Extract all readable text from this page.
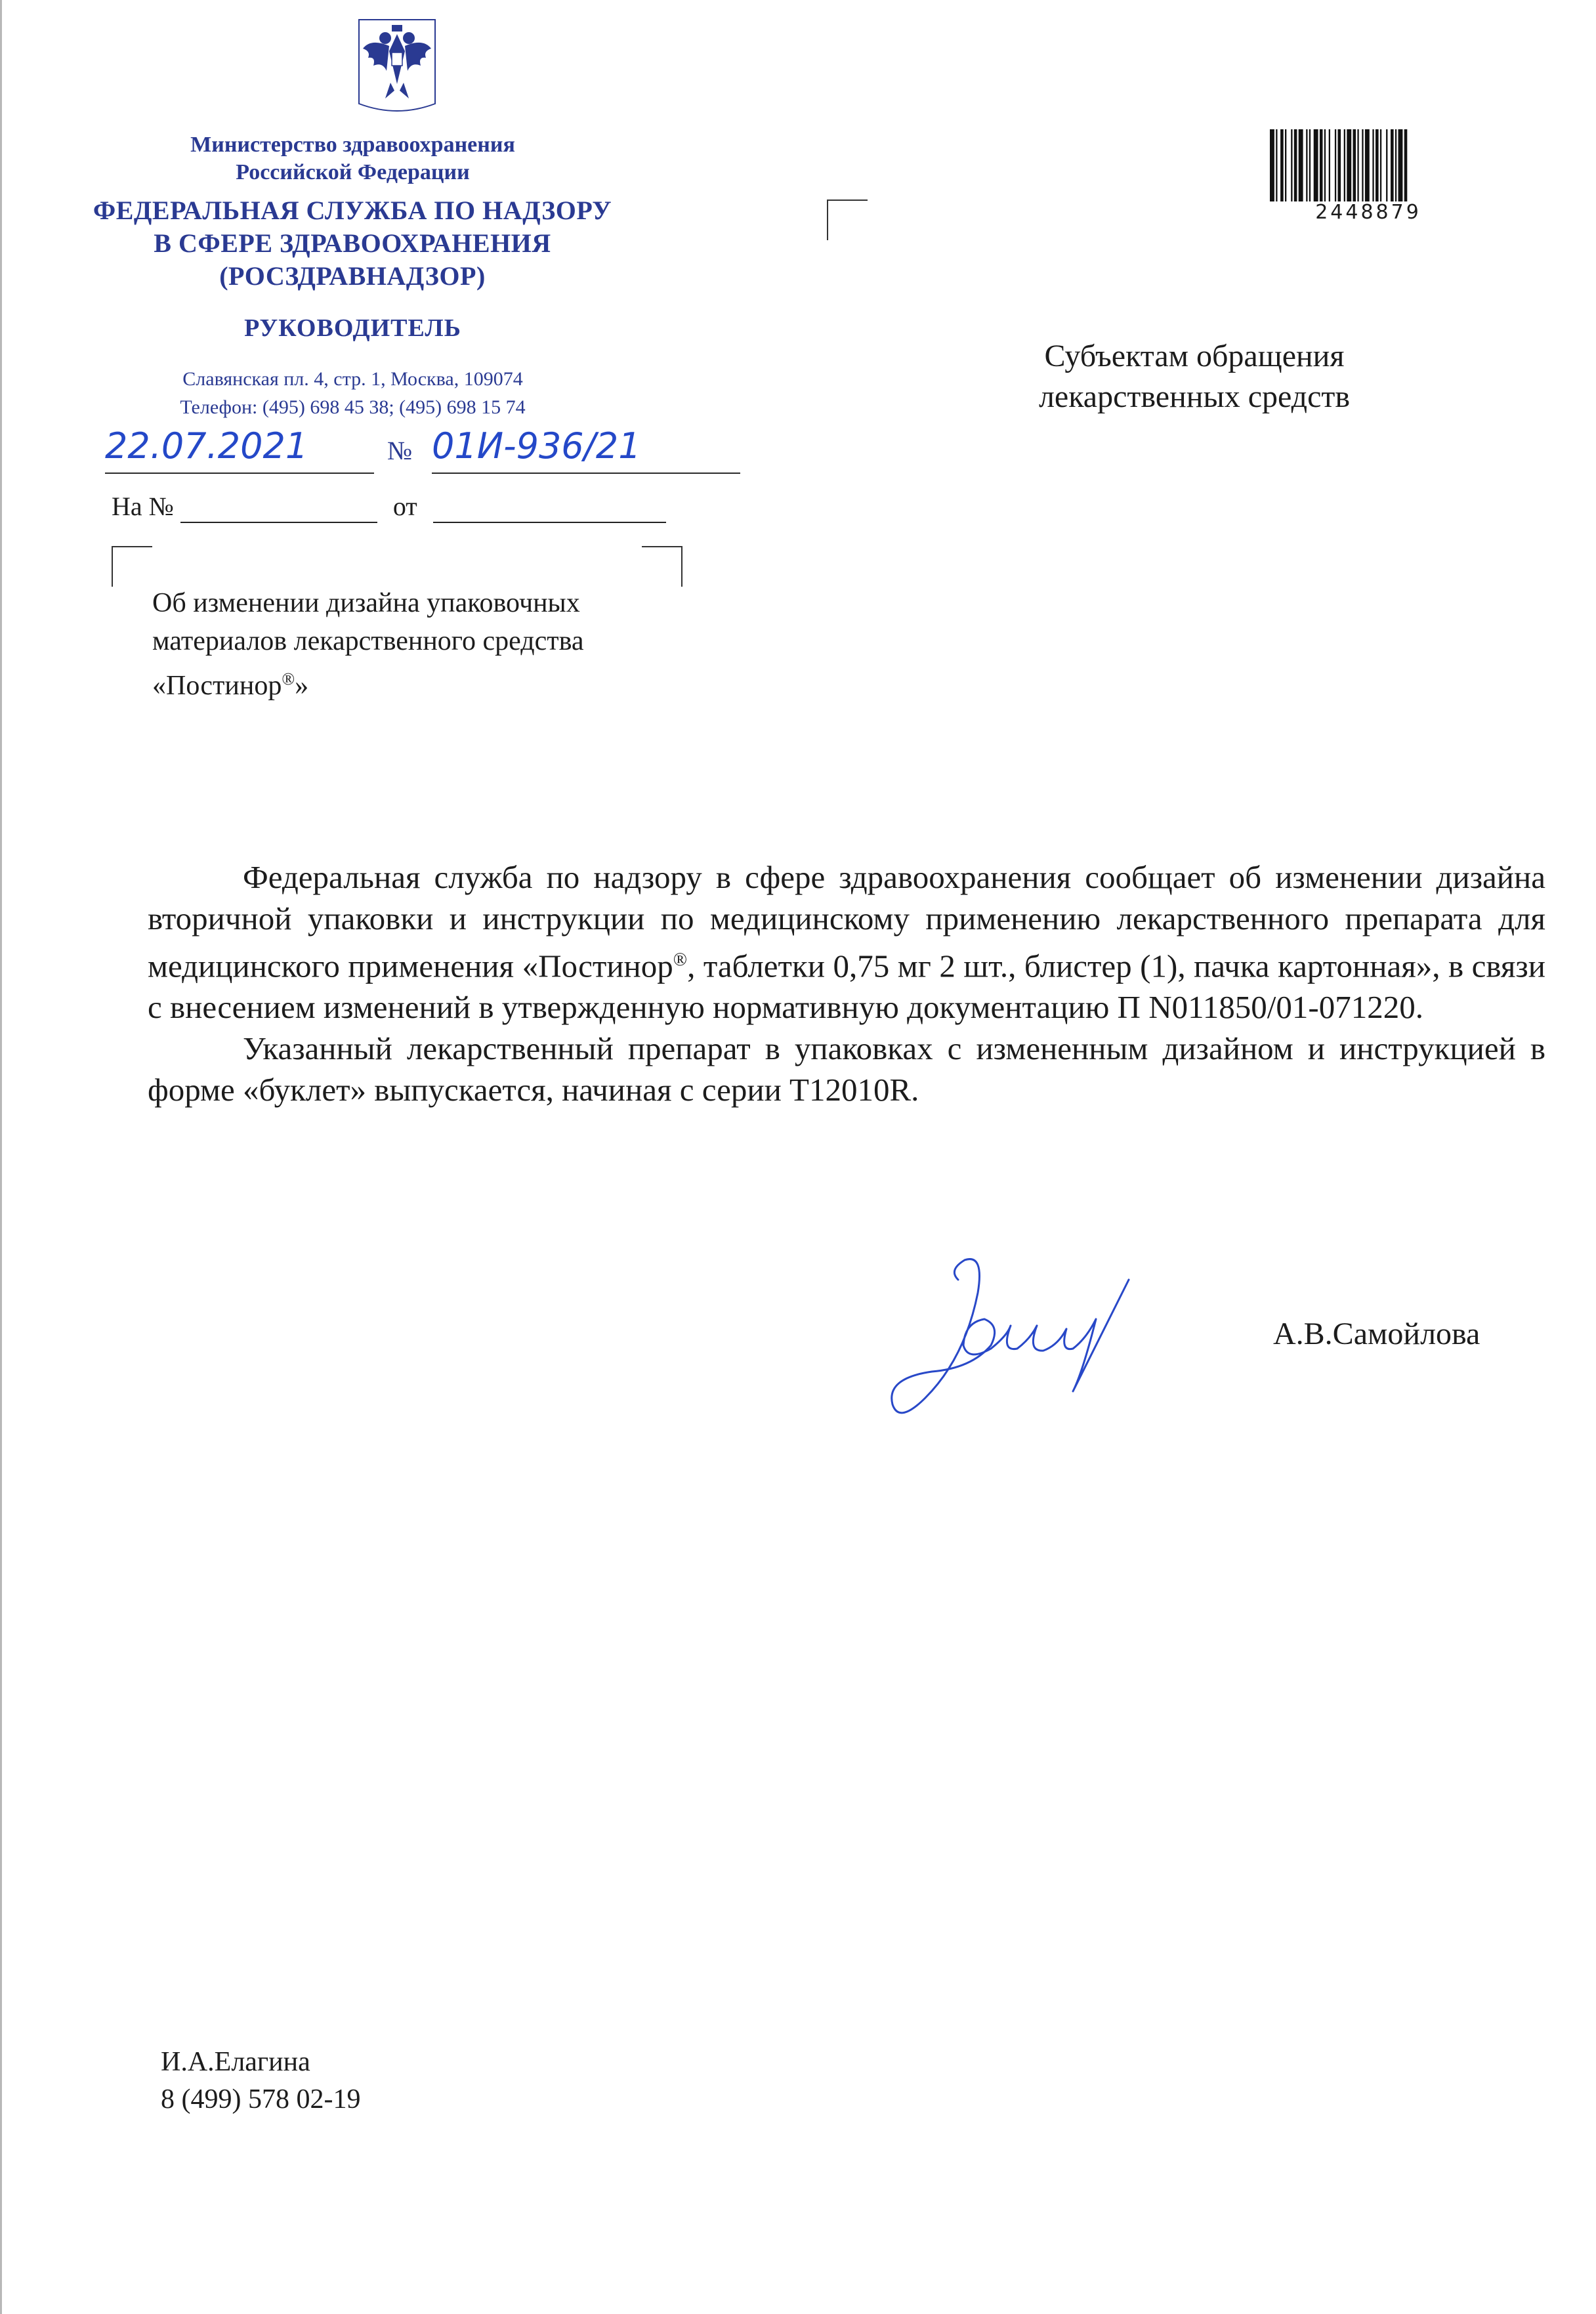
Министерство здравоохранения
Российской Федерации
ФЕДЕРАЛЬНАЯ СЛУЖБА ПО НАДЗОРУ
В СФЕРЕ ЗДРАВООХРАНЕНИЯ
(РОСЗДРАВНАДЗОР)
РУКОВОДИТЕЛЬ
Славянская пл. 4, стр. 1, Москва, 109074
Телефон: (495) 698 45 38; (495) 698 15 74
22.07.2021	№ 01И-936/21
На №	от
Об изменении дизайна упаковочных
материалов лекарственного средства
«Постинор®»
2448879
Субъектам обращения
лекарственных средств

Федеральная служба по надзору в сфере здравоохранения сообщает об изменении дизайна вторичной упаковки и инструкции по медицинскому применению лекарственного препарата для медицинского применения «Постинор®, таблетки 0,75 мг 2 шт., блистер (1), пачка картонная», в связи с внесением изменений в утвержденную нормативную документацию П N011850/01-071220.

Указанный лекарственный препарат в упаковках с измененным дизайном и инструкцией в форме «буклет» выпускается, начиная с серии T12010R.

А.В.Самойлова
И.А.Елагина
8 (499) 578 02-19
